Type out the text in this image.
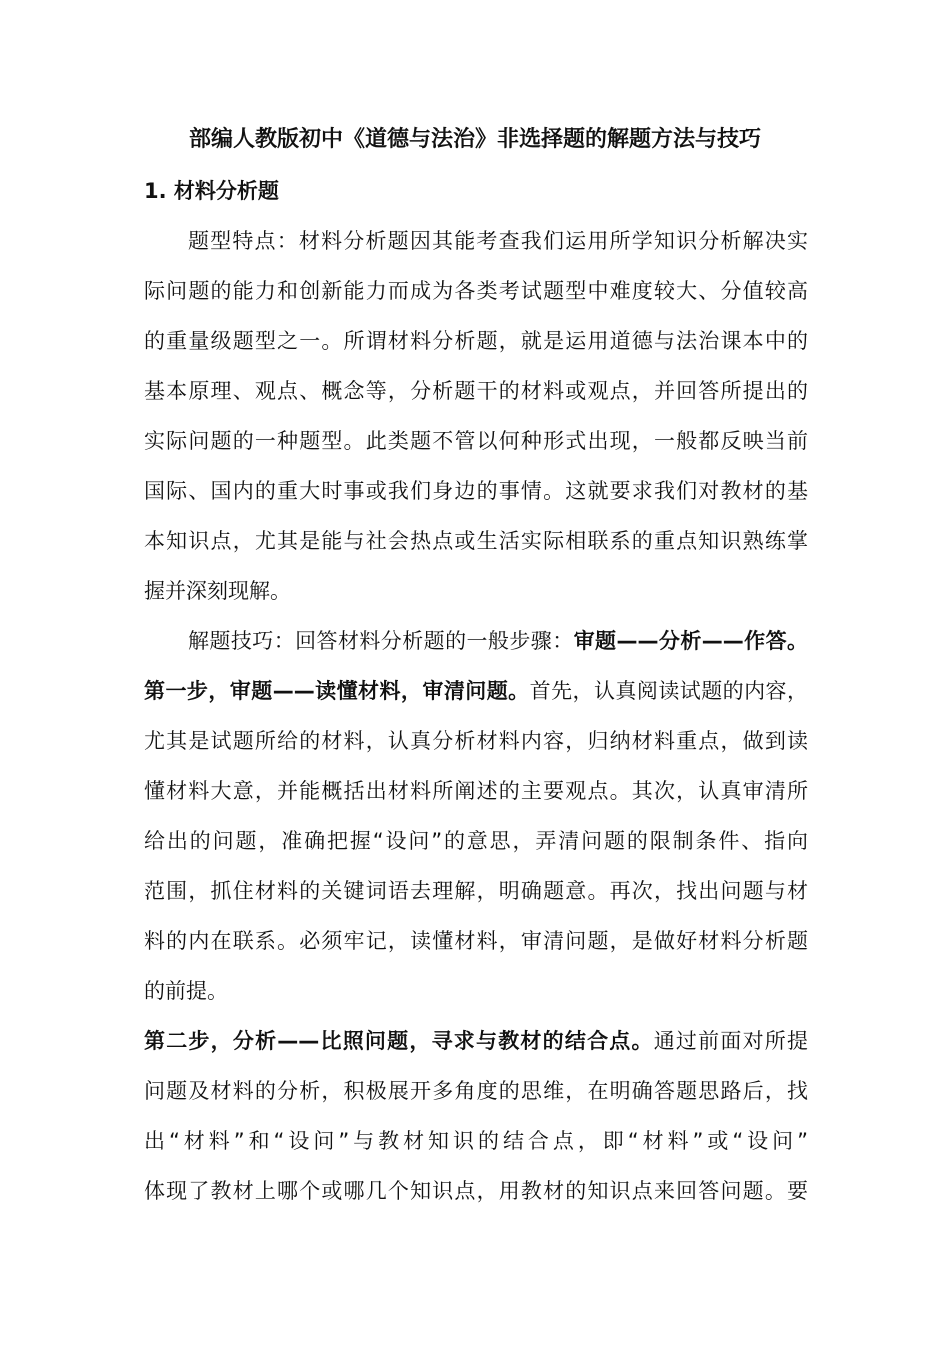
部编人教版初中《道德与法治》非选择题的解题方法与技巧
1. 材料分析题
题型特点：材料分析题因其能考查我们运用所学知识分析解决实
际问题的能力和创新能力而成为各类考试题型中难度较大、分值较高
的重量级题型之一。所谓材料分析题，就是运用道德与法治课本中的
基本原理、观点、概念等，分析题干的材料或观点，并回答所提出的
实际问题的一种题型。此类题不管以何种形式出现，一般都反映当前
国际、国内的重大时事或我们身边的事情。这就要求我们对教材的基
本知识点，尤其是能与社会热点或生活实际相联系的重点知识熟练掌
握并深刻现解。
解题技巧：回答材料分析题的一般步骤：审题——分析——作答。
第一步，审题——读懂材料，审清问题。首先，认真阅读试题的内容，
尤其是试题所给的材料，认真分析材料内容，归纳材料重点，做到读
懂材料大意，并能概括出材料所阐述的主要观点。其次，认真审清所
给出的问题，准确把握“设问”的意思，弄清问题的限制条件、指向
范围，抓住材料的关键词语去理解，明确题意。再次，找出问题与材
料的内在联系。必须牢记，读懂材料，审清问题，是做好材料分析题
的前提。
第二步，分析——比照问题，寻求与教材的结合点。通过前面对所提
问题及材料的分析，积极展开多角度的思维，在明确答题思路后，找
出“材料”和“设问”与教材知识的结合点，即“材料”或“设问”
体现了教材上哪个或哪几个知识点，用教材的知识点来回答问题。要
